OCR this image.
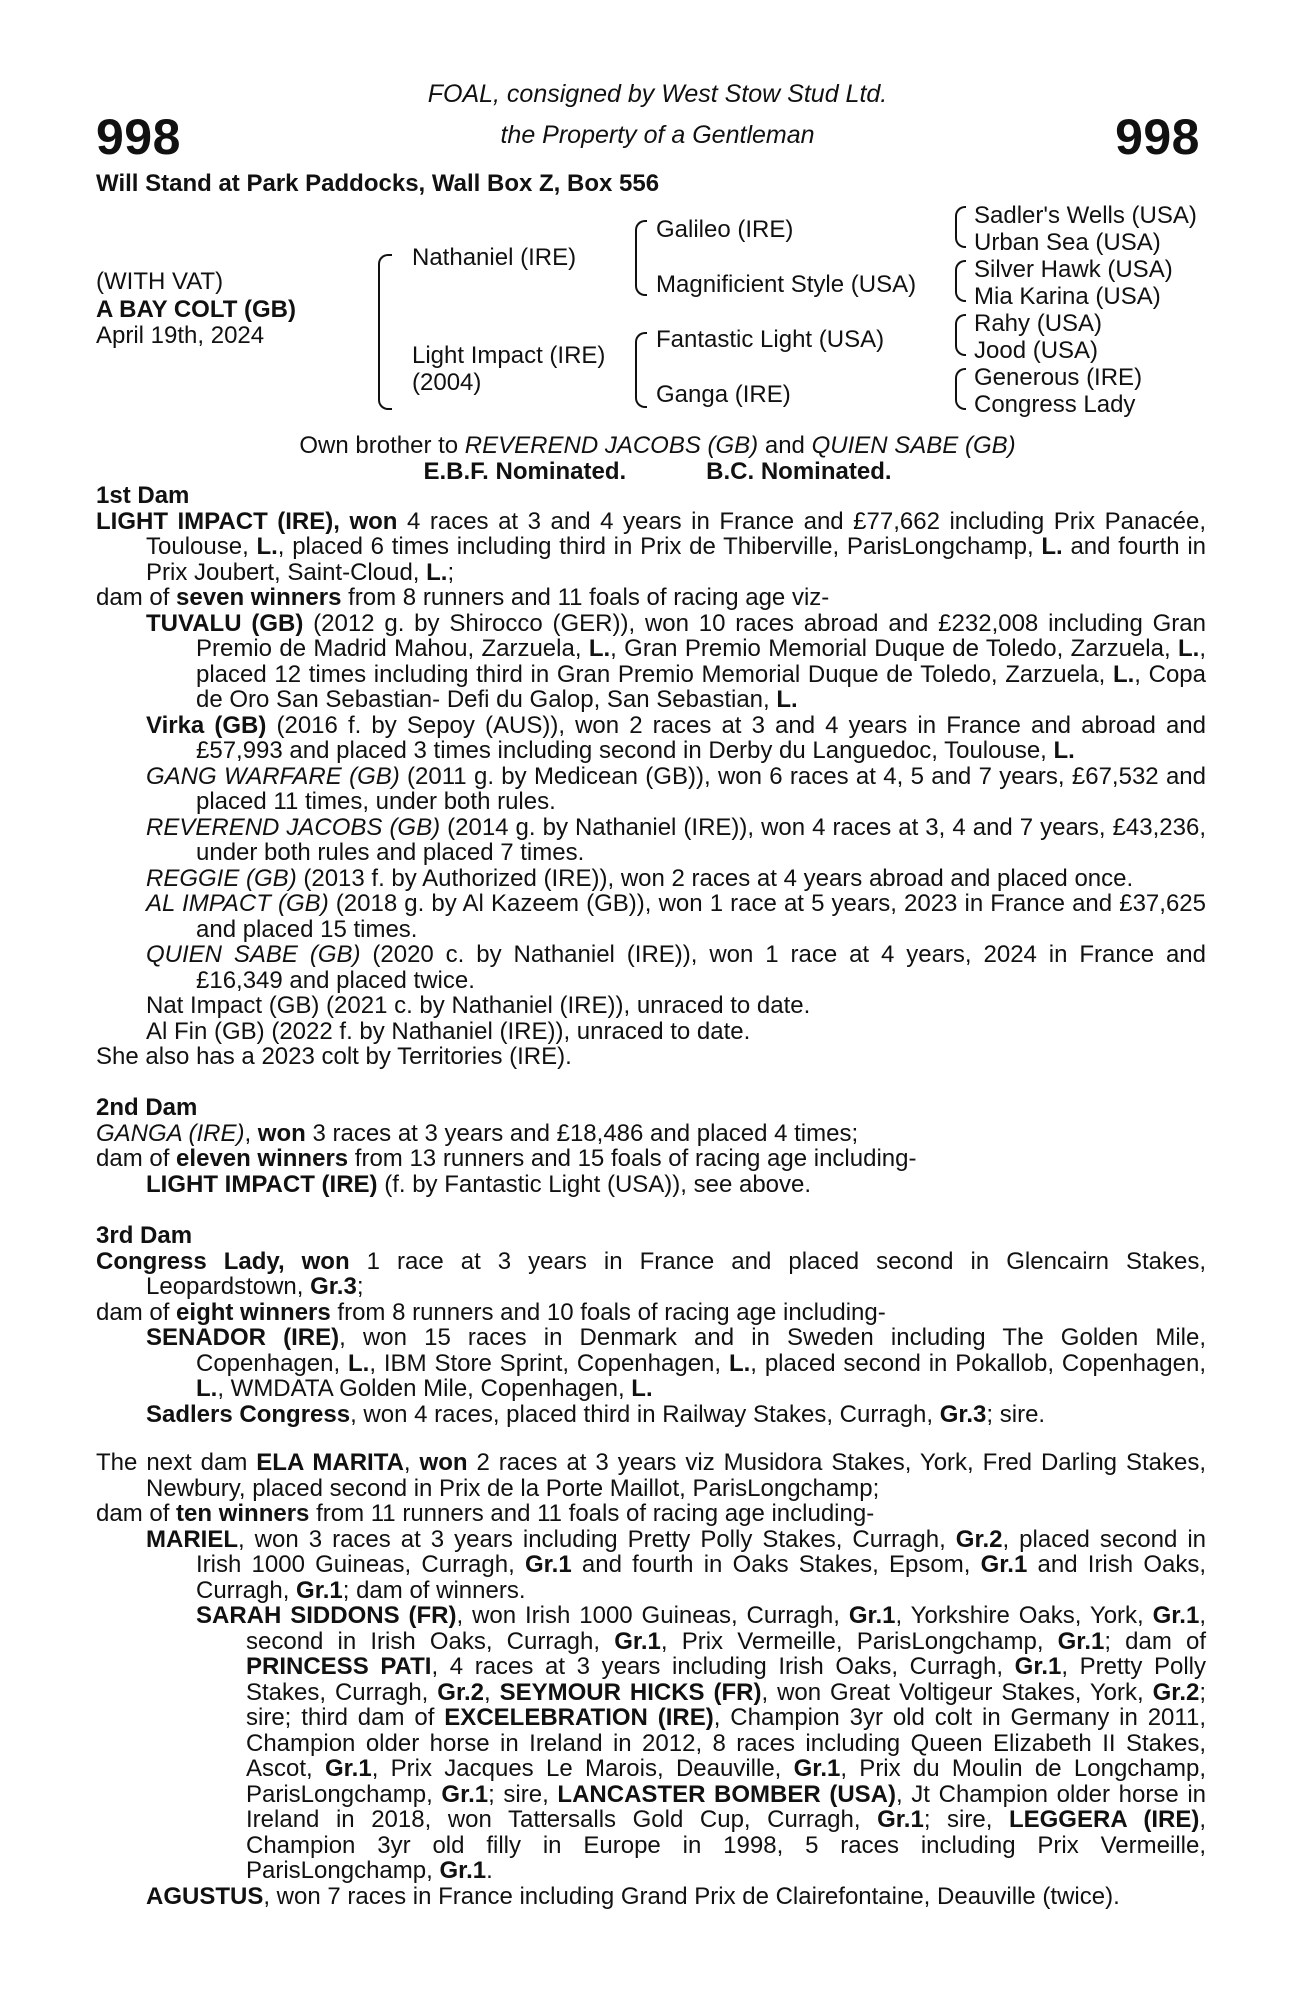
998	998
FOAL, consigned by West Stow Stud Ltd.
the Property of a Gentleman
Will Stand at Park Paddocks, Wall Box Z, Box 556
(WITH VAT)
A BAY COLT (GB)
April 19th, 2024
Nathaniel (IRE)
Light Impact (IRE)
(2004)
Galileo (IRE)
Magnificient Style (USA)
Fantastic Light (USA)
Ganga (IRE)
Sadler's Wells (USA)
Urban Sea (USA)
Silver Hawk (USA)
Mia Karina (USA)
Rahy (USA)
Jood (USA)
Generous (IRE)
Congress Lady
Own brother to REVEREND JACOBS (GB) and QUIEN SABE (GB)
E.B.F. Nominated.	B.C. Nominated.
1st Dam
LIGHT IMPACT (IRE), won 4 races at 3 and 4 years in France and £77,662 including Prix Panacée, Toulouse, L., placed 6 times including third in Prix de Thiberville, ParisLongchamp, L. and fourth in Prix Joubert, Saint-Cloud, L.;
dam of seven winners from 8 runners and 11 foals of racing age viz-
TUVALU (GB) (2012 g. by Shirocco (GER)), won 10 races abroad and £232,008 including Gran Premio de Madrid Mahou, Zarzuela, L., Gran Premio Memorial Duque de Toledo, Zarzuela, L., placed 12 times including third in Gran Premio Memorial Duque de Toledo, Zarzuela, L., Copa de Oro San Sebastian- Defi du Galop, San Sebastian, L.
Virka (GB) (2016 f. by Sepoy (AUS)), won 2 races at 3 and 4 years in France and abroad and £57,993 and placed 3 times including second in Derby du Languedoc, Toulouse, L.
GANG WARFARE (GB) (2011 g. by Medicean (GB)), won 6 races at 4, 5 and 7 years, £67,532 and placed 11 times, under both rules.
REVEREND JACOBS (GB) (2014 g. by Nathaniel (IRE)), won 4 races at 3, 4 and 7 years, £43,236, under both rules and placed 7 times.
REGGIE (GB) (2013 f. by Authorized (IRE)), won 2 races at 4 years abroad and placed once.
AL IMPACT (GB) (2018 g. by Al Kazeem (GB)), won 1 race at 5 years, 2023 in France and £37,625 and placed 15 times.
QUIEN SABE (GB) (2020 c. by Nathaniel (IRE)), won 1 race at 4 years, 2024 in France and £16,349 and placed twice.
Nat Impact (GB) (2021 c. by Nathaniel (IRE)), unraced to date.
Al Fin (GB) (2022 f. by Nathaniel (IRE)), unraced to date.
She also has a 2023 colt by Territories (IRE).
2nd Dam
GANGA (IRE), won 3 races at 3 years and £18,486 and placed 4 times;
dam of eleven winners from 13 runners and 15 foals of racing age including-
LIGHT IMPACT (IRE) (f. by Fantastic Light (USA)), see above.
3rd Dam
Congress Lady, won 1 race at 3 years in France and placed second in Glencairn Stakes, Leopardstown, Gr.3;
dam of eight winners from 8 runners and 10 foals of racing age including-
SENADOR (IRE), won 15 races in Denmark and in Sweden including The Golden Mile, Copenhagen, L., IBM Store Sprint, Copenhagen, L., placed second in Pokallob, Copenhagen, L., WMDATA Golden Mile, Copenhagen, L.
Sadlers Congress, won 4 races, placed third in Railway Stakes, Curragh, Gr.3; sire.
The next dam ELA MARITA, won 2 races at 3 years viz Musidora Stakes, York, Fred Darling Stakes, Newbury, placed second in Prix de la Porte Maillot, ParisLongchamp;
dam of ten winners from 11 runners and 11 foals of racing age including-
MARIEL, won 3 races at 3 years including Pretty Polly Stakes, Curragh, Gr.2, placed second in Irish 1000 Guineas, Curragh, Gr.1 and fourth in Oaks Stakes, Epsom, Gr.1 and Irish Oaks, Curragh, Gr.1; dam of winners.
SARAH SIDDONS (FR), won Irish 1000 Guineas, Curragh, Gr.1, Yorkshire Oaks, York, Gr.1, second in Irish Oaks, Curragh, Gr.1, Prix Vermeille, ParisLongchamp, Gr.1; dam of PRINCESS PATI, 4 races at 3 years including Irish Oaks, Curragh, Gr.1, Pretty Polly Stakes, Curragh, Gr.2, SEYMOUR HICKS (FR), won Great Voltigeur Stakes, York, Gr.2; sire; third dam of EXCELEBRATION (IRE), Champion 3yr old colt in Germany in 2011, Champion older horse in Ireland in 2012, 8 races including Queen Elizabeth II Stakes, Ascot, Gr.1, Prix Jacques Le Marois, Deauville, Gr.1, Prix du Moulin de Longchamp, ParisLongchamp, Gr.1; sire, LANCASTER BOMBER (USA), Jt Champion older horse in Ireland in 2018, won Tattersalls Gold Cup, Curragh, Gr.1; sire, LEGGERA (IRE), Champion 3yr old filly in Europe in 1998, 5 races including Prix Vermeille, ParisLongchamp, Gr.1.
AGUSTUS, won 7 races in France including Grand Prix de Clairefontaine, Deauville (twice).
